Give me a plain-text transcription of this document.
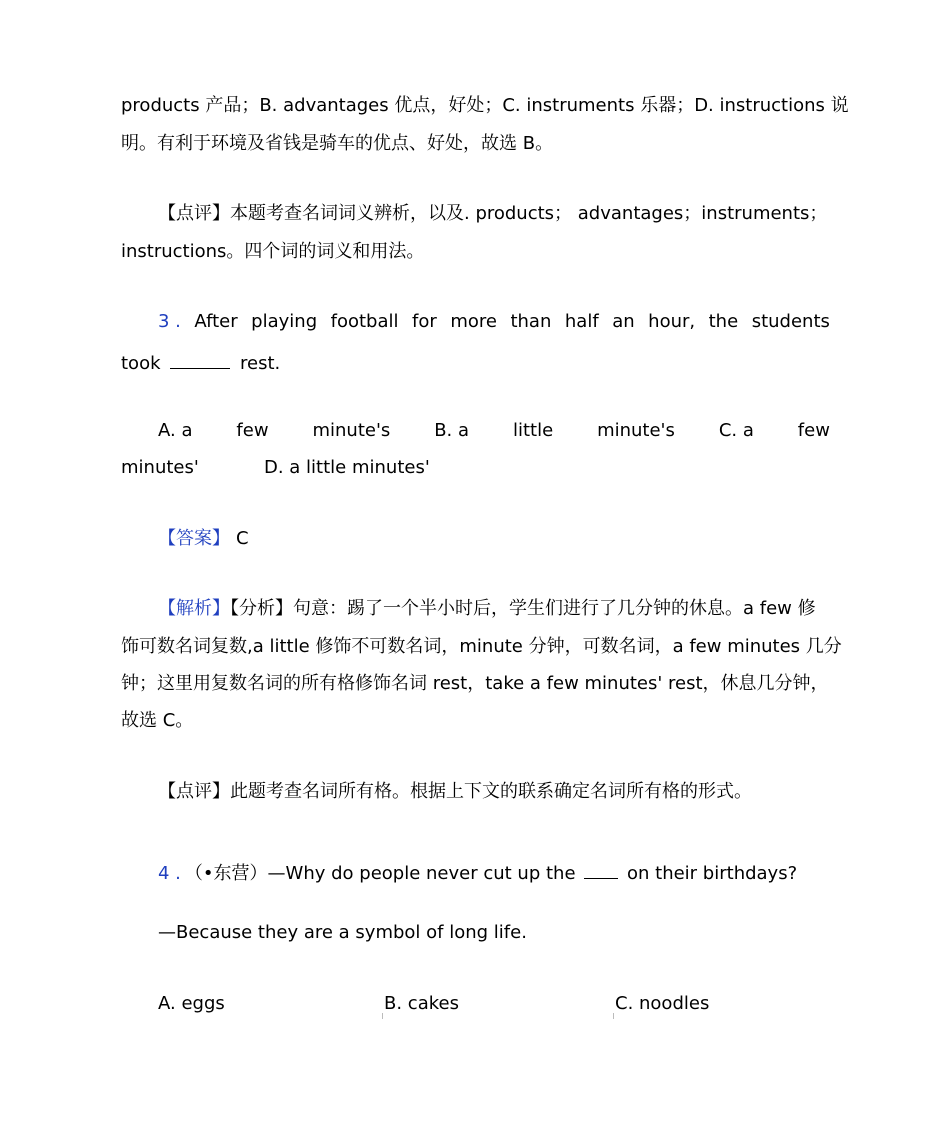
products 产品；B. advantages 优点，好处；C. instruments 乐器；D. instructions 说
明。有利于环境及省钱是骑车的优点、好处，故选 B。
【点评】本题考查名词词义辨析，以及. products； advantages；instruments；
instructions。四个词的词义和用法。
3 . After playing football for more than half an hour, the students
took	rest.
A. a few minute's B. a little minute's C. a few
minutes'	D. a little minutes'
【答案】 C
【解析】【分析】句意：踢了一个半小时后，学生们进行了几分钟的休息。a few 修
饰可数名词复数,a little 修饰不可数名词，minute 分钟，可数名词，a few minutes 几分
钟；这里用复数名词的所有格修饰名词 rest，take a few minutes' rest，休息几分钟，
故选 C。
【点评】此题考查名词所有格。根据上下文的联系确定名词所有格的形式。
4 . （•东营）—Why do people never cut up the	on their birthdays?
—Because they are a symbol of long life.
A. eggs	B. cakes	C. noodles
